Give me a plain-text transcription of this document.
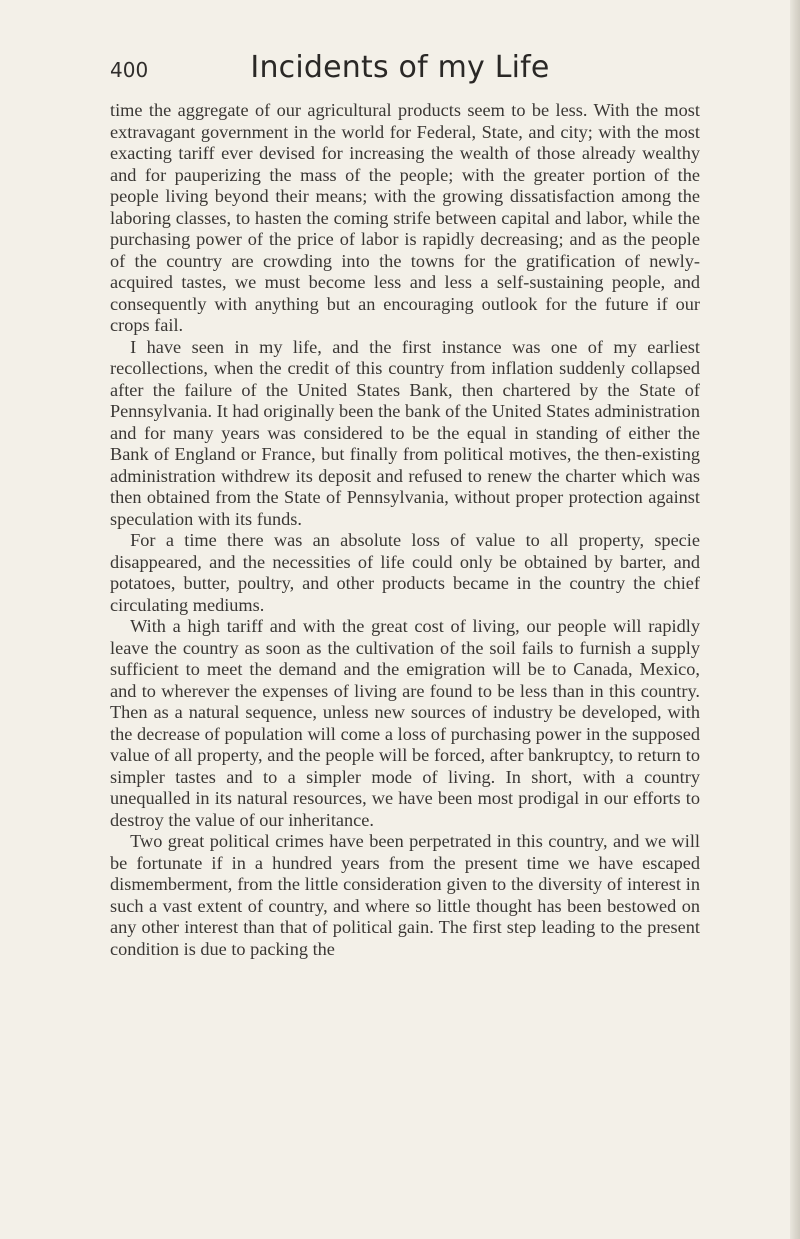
400	Incidents of my Life

time the aggregate of our agricultural products seem to be less. With the most extravagant government in the world for Federal, State, and city; with the most exacting tariff ever devised for increasing the wealth of those already wealthy and for pauperizing the mass of the people; with the greater portion of the people living beyond their means; with the growing dissatisfaction among the laboring classes, to hasten the coming strife between capital and labor, while the purchasing power of the price of labor is rapidly decreasing; and as the people of the country are crowding into the towns for the gratification of newly-acquired tastes, we must become less and less a self-sustaining people, and consequently with anything but an encouraging outlook for the future if our crops fail.

I have seen in my life, and the first instance was one of my earliest recollections, when the credit of this country from inflation suddenly collapsed after the failure of the United States Bank, then chartered by the State of Pennsylvania. It had originally been the bank of the United States administration and for many years was considered to be the equal in standing of either the Bank of England or France, but finally from political motives, the then-existing administration withdrew its deposit and refused to renew the charter which was then obtained from the State of Pennsylvania, without proper protection against speculation with its funds.

For a time there was an absolute loss of value to all property, specie disappeared, and the necessities of life could only be obtained by barter, and potatoes, butter, poultry, and other products became in the country the chief circulating mediums.

With a high tariff and with the great cost of living, our people will rapidly leave the country as soon as the cultivation of the soil fails to furnish a supply sufficient to meet the demand and the emigration will be to Canada, Mexico, and to wherever the expenses of living are found to be less than in this country. Then as a natural sequence, unless new sources of industry be developed, with the decrease of population will come a loss of purchasing power in the supposed value of all property, and the people will be forced, after bankruptcy, to return to simpler tastes and to a simpler mode of living. In short, with a country unequalled in its natural resources, we have been most prodigal in our efforts to destroy the value of our inheritance.

Two great political crimes have been perpetrated in this country, and we will be fortunate if in a hundred years from the present time we have escaped dismemberment, from the little consideration given to the diversity of interest in such a vast extent of country, and where so little thought has been bestowed on any other interest than that of political gain. The first step leading to the present condition is due to packing the
